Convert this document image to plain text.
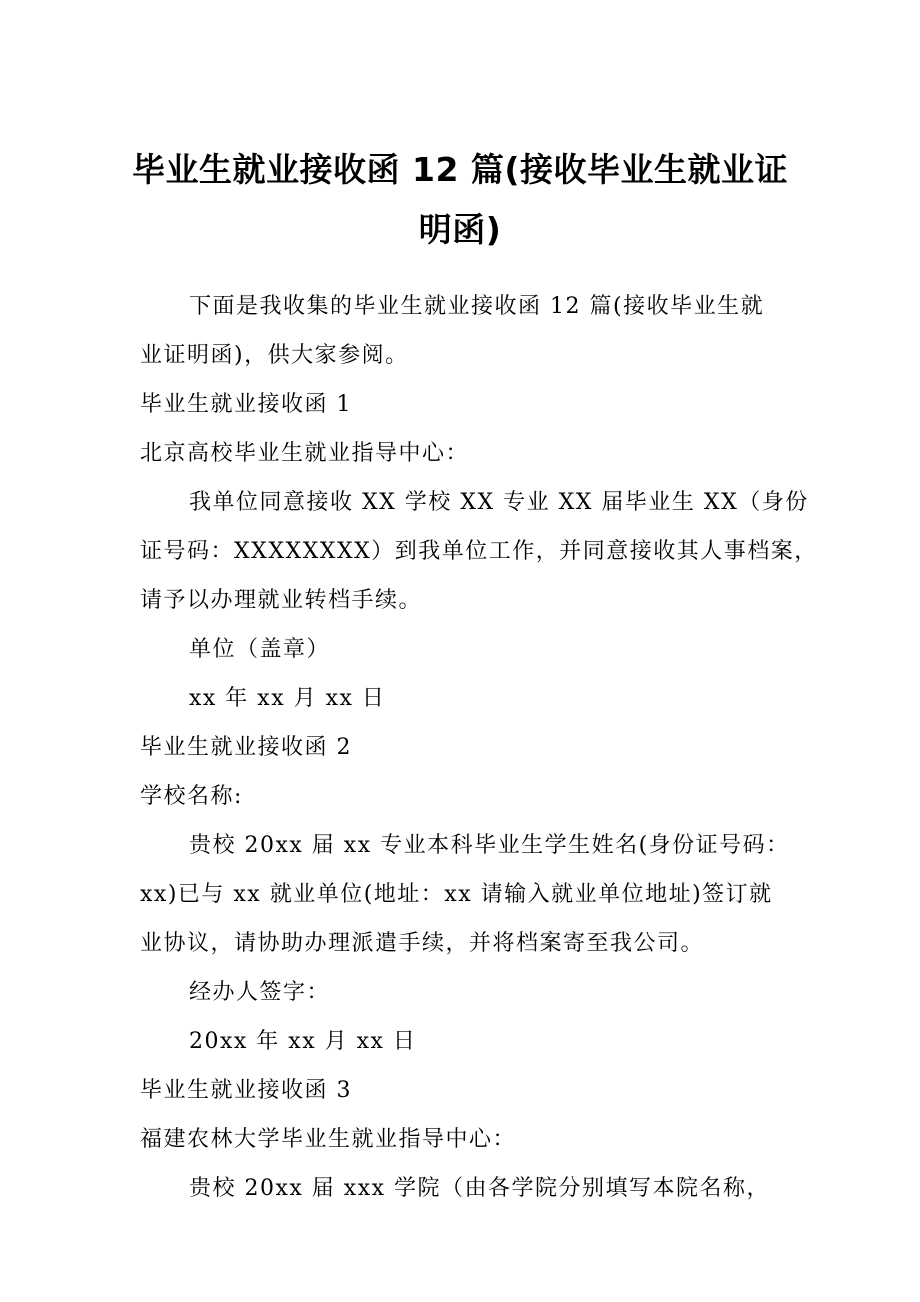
毕业生就业接收函 12 篇(接收毕业生就业证
明函)

下面是我收集的毕业生就业接收函 12 篇(接收毕业生就

业证明函)，供大家参阅。

毕业生就业接收函 1

北京高校毕业生就业指导中心：

我单位同意接收 XX 学校 XX 专业 XX 届毕业生 XX（身份

证号码：XXXXXXXX）到我单位工作，并同意接收其人事档案，

请予以办理就业转档手续。

单位（盖章）

xx 年 xx 月 xx 日

毕业生就业接收函 2

学校名称:

贵校 20xx 届 xx 专业本科毕业生学生姓名(身份证号码：

xx)已与 xx 就业单位(地址：xx 请输入就业单位地址)签订就

业协议，请协助办理派遣手续，并将档案寄至我公司。

经办人签字：

20xx 年 xx 月 xx 日

毕业生就业接收函 3

福建农林大学毕业生就业指导中心：

贵校 20xx 届 xxx 学院（由各学院分别填写本院名称，
